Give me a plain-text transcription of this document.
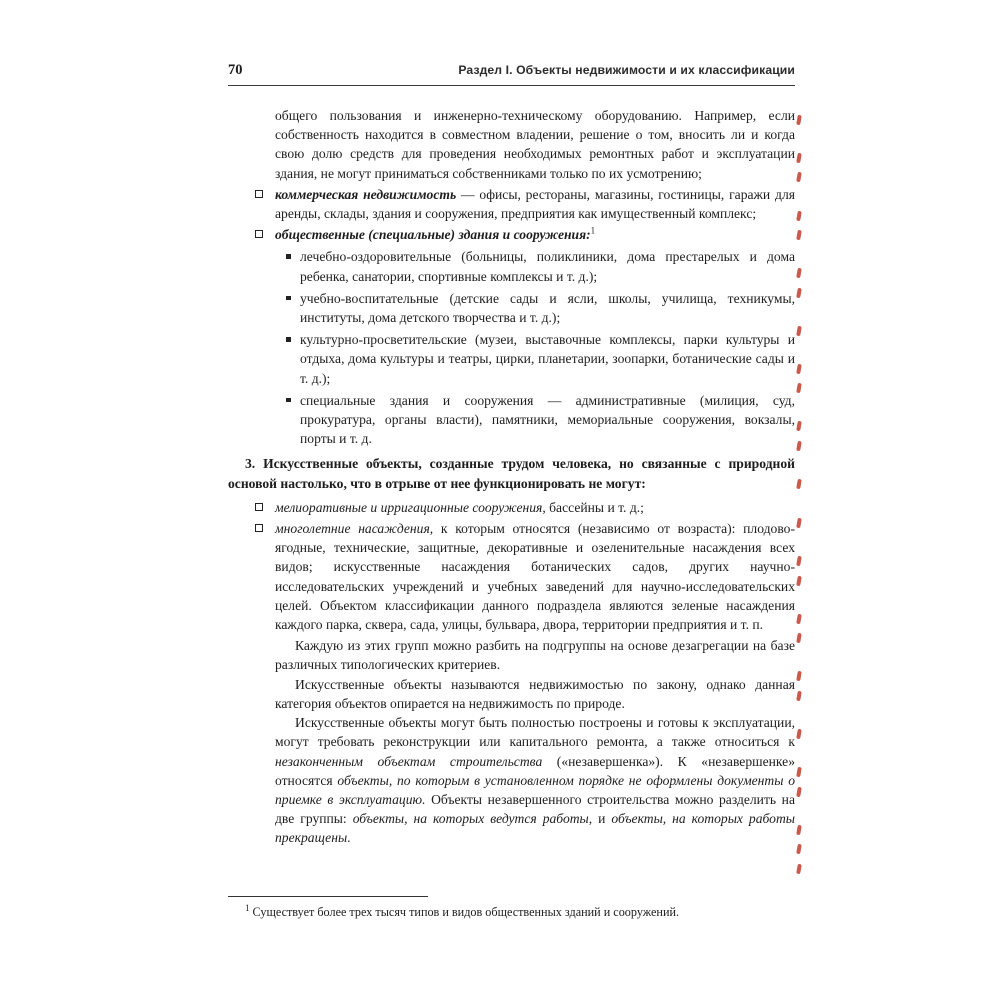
70	Раздел I. Объекты недвижимости и их классификации

общего пользования и инженерно-техническому оборудованию. Например, если собственность находится в совместном владении, решение о том, вносить ли и когда свою долю средств для проведения необходимых ремонтных работ и эксплуатации здания, не могут приниматься собственниками только по их усмотрению;

коммерческая недвижимость — офисы, рестораны, магазины, гостиницы, гаражи для аренды, склады, здания и сооружения, предприятия как имущественный комплекс;
общественные (специальные) здания и сооружения:$^1$
лечебно-оздоровительные (больницы, поликлиники, дома престарелых и дома ребенка, санатории, спортивные комплексы и т. д.);
учебно-воспитательные (детские сады и ясли, школы, училища, техникумы, институты, дома детского творчества и т. д.);
культурно-просветительские (музеи, выставочные комплексы, парки культуры и отдыха, дома культуры и театры, цирки, планетарии, зоопарки, ботанические сады и т. д.);
специальные здания и сооружения — административные (милиция, суд, прокуратура, органы власти), памятники, мемориальные сооружения, вокзалы, порты и т. д.

3. Искусственные объекты, созданные трудом человека, но связанные с природной основой настолько, что в отрыве от нее функционировать не могут:

мелиоративные и ирригационные сооружения, бассейны и т. д.;
многолетние насаждения, к которым относятся (независимо от возраста): плодово-ягодные, технические, защитные, декоративные и озеленительные насаждения всех видов; искусственные насаждения ботанических садов, других научно-исследовательских учреждений и учебных заведений для научно-исследовательских целей. Объектом классификации данного подраздела являются зеленые насаждения каждого парка, сквера, сада, улицы, бульвара, двора, территории предприятия и т. п.

Каждую из этих групп можно разбить на подгруппы на основе дезагрегации на базе различных типологических критериев.

Искусственные объекты называются недвижимостью по закону, однако данная категория объектов опирается на недвижимость по природе.

Искусственные объекты могут быть полностью построены и готовы к эксплуатации, могут требовать реконструкции или капитального ремонта, а также относиться к незаконченным объектам строительства («незавершенка»). К «незавершенке» относятся объекты, по которым в установленном порядке не оформлены документы о приемке в эксплуатацию. Объекты незавершенного строительства можно разделить на две группы: объекты, на которых ведутся работы, и объекты, на которых работы прекращены.

$^1$ Существует более трех тысяч типов и видов общественных зданий и сооружений.
